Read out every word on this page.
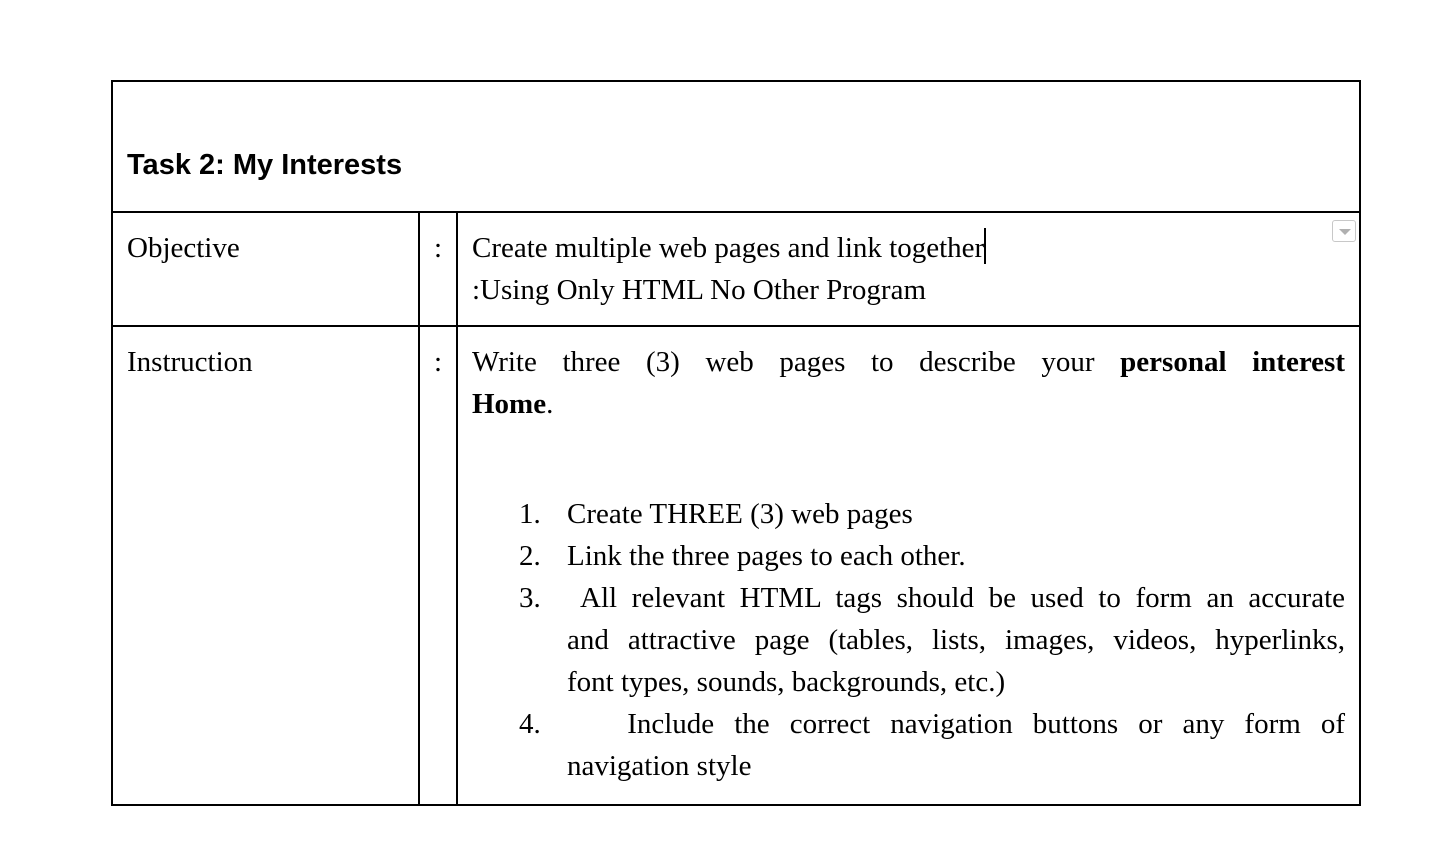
Task 2: My Interests
Objective	:	Create multiple web pages and link together
:Using Only HTML No Other Program
Instruction	:	Write three (3) web pages to describe your personal interest
Home.
1. Create THREE (3) web pages
2. Link the three pages to each other.
3. All relevant HTML tags should be used to form an accurate
and attractive page (tables, lists, images, videos, hyperlinks,
font types, sounds, backgrounds, etc.)
4. Include the correct navigation buttons or any form of
navigation style
